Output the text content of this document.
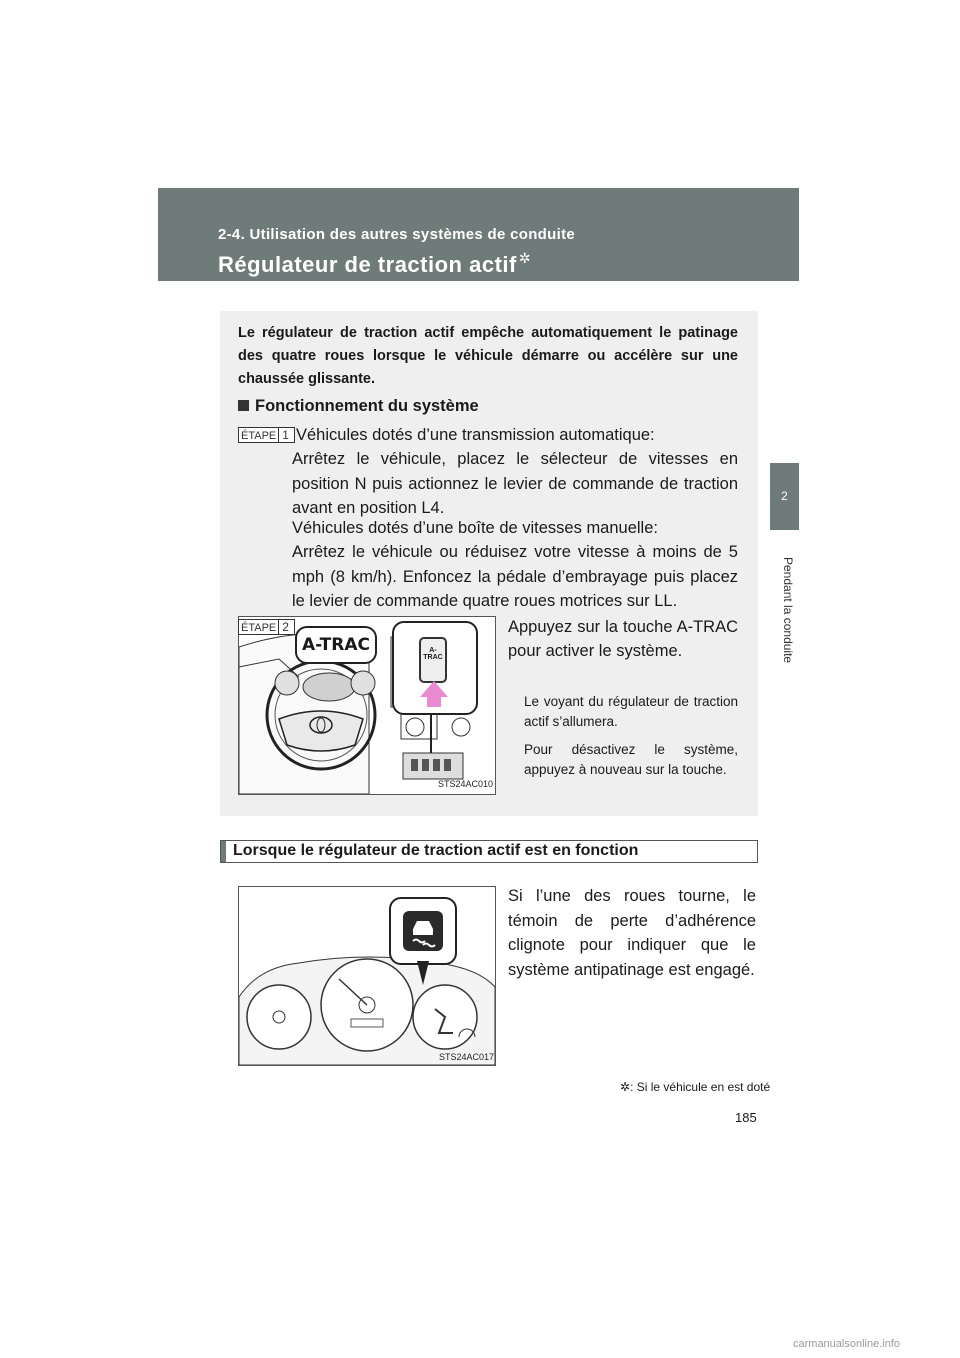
2-4. Utilisation des autres systèmes de conduite
Régulateur de traction actif ✲
2
Pendant la conduite
Le régulateur de traction actif empêche automatiquement le patinage des quatre roues lorsque le véhicule démarre ou accélère sur une chaussée glissante.
Fonctionnement du système
ÉTAPE 1 Véhicules dotés d’une transmission automatique:
Arrêtez le véhicule, placez le sélecteur de vitesses en position N puis actionnez le levier de commande de traction avant en position L4.
Véhicules dotés d’une boîte de vitesses manuelle:
Arrêtez le véhicule ou réduisez votre vitesse à moins de 5 mph (8 km/h). Enfoncez la pédale d’embrayage puis placez le levier de commande quatre roues motrices sur LL.
A-TRAC	A-
TRAC
STS24AC010
ÉTAPE 2	Appuyez sur la touche A-TRAC pour activer le système.
Le voyant du régulateur de traction actif s’allumera.
Pour désactivez le système, appuyez à nouveau sur la touche.
Lorsque le régulateur de traction actif est en fonction
STS24AC017
Si l’une des roues tourne, le témoin de perte d’adhérence clignote pour indiquer que le système antipatinage est engagé.
✲: Si le véhicule en est doté
185
carmanualsonline.info
